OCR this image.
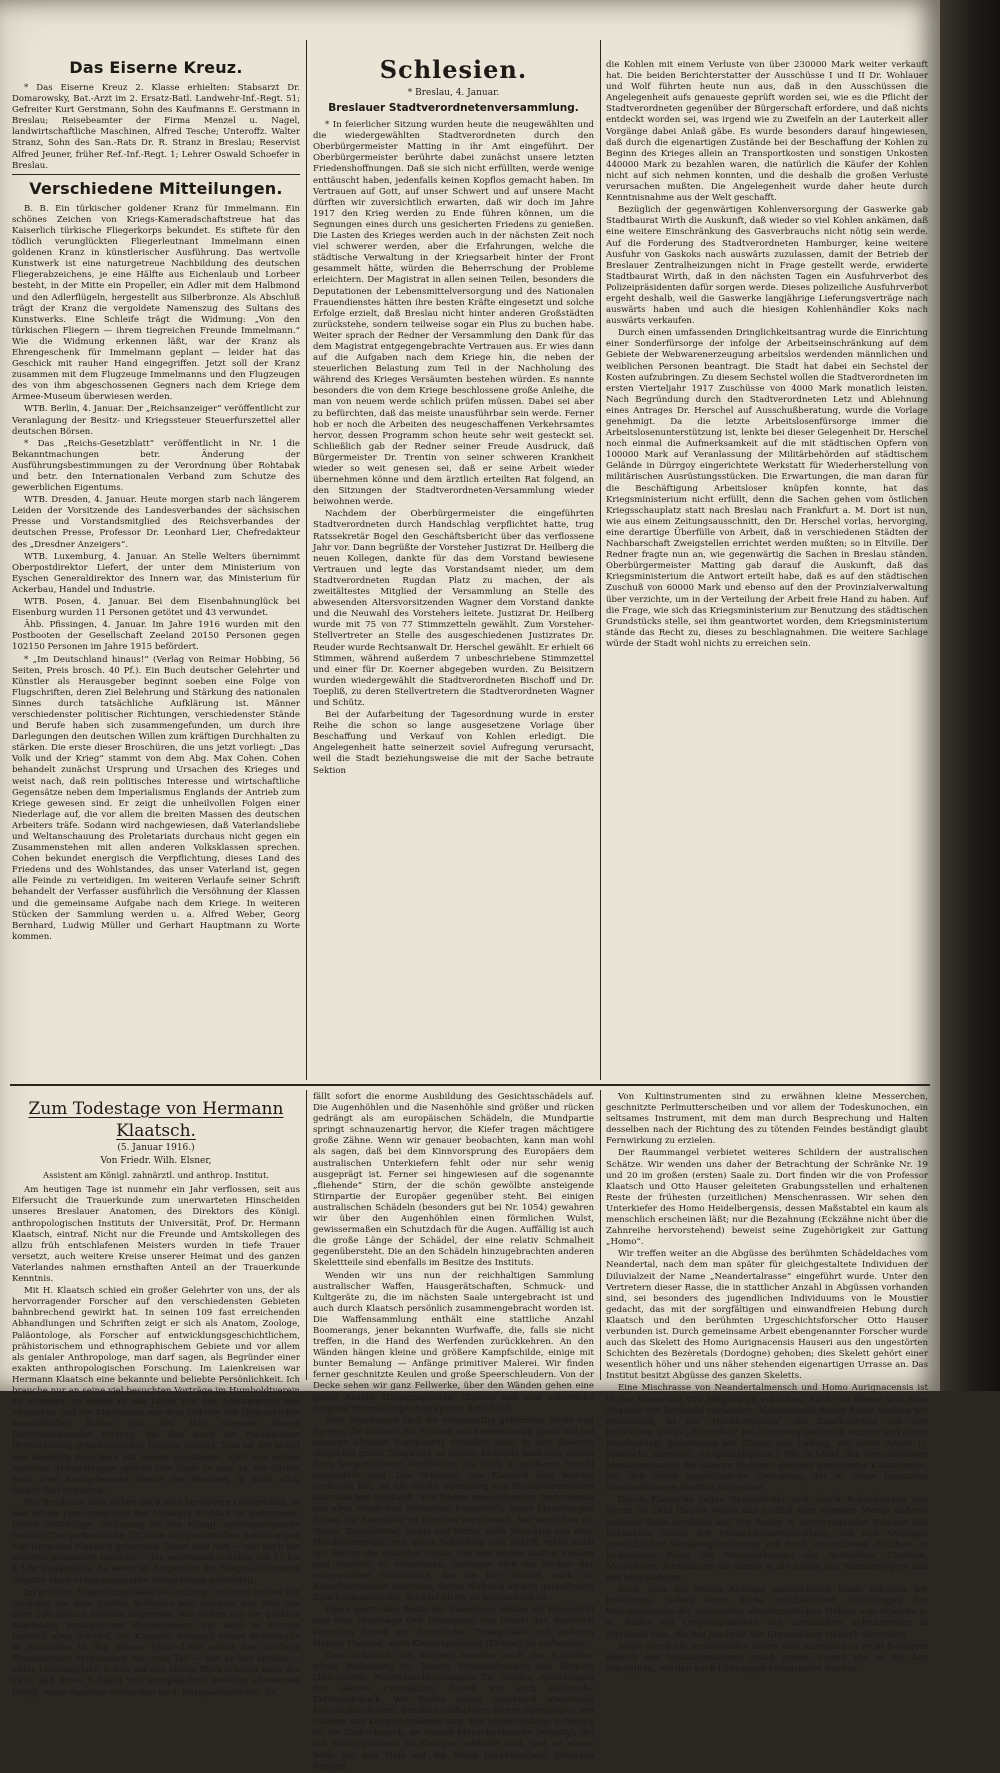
Das Eiserne Kreuz.

* Das Eiserne Kreuz 2. Klasse erhielten: Stabsarzt Dr. Domarowsky, Bat.-Arzt im 2. Ersatz-Batl. Landwehr-Inf.-Regt. 51; Gefreiter Kurt Gerstmann, Sohn des Kaufmanns E. Gerstmann in Breslau; Reisebeamter der Firma Menzel u. Nagel, landwirtschaftliche Maschinen, Alfred Tesche; Unteroffz. Walter Stranz, Sohn des San.-Rats Dr. R. Stranz in Breslau; Reservist Alfred Jeuner, früher Ref.-Inf.-Regt. 1; Lehrer Oswald Schoefer in Breslau.

Verschiedene Mitteilungen.

B. B. Ein türkischer goldener Kranz für Immelmann. Ein schönes Zeichen von Kriegs-Kameradschaftstreue hat das Kaiserlich türkische Fliegerkorps bekundet. Es stiftete für den tödlich verunglückten Fliegerleutnant Immelmann einen goldenen Kranz in künstlerischer Ausführung. Das wertvolle Kunstwerk ist eine naturgetreue Nachbildung des deutschen Fliegerabzeichens, je eine Hälfte aus Eichenlaub und Lorbeer besteht, in der Mitte ein Propeller, ein Adler mit dem Halbmond und den Adlerflügeln, hergestellt aus Silberbronze. Als Abschluß trägt der Kranz die vergoldete Namenszug des Sultans des Kunstwerks. Eine Schleife trägt die Widmung: „Von den türkischen Fliegern — ihrem tiegreichen Freunde Immelmann.“ Wie die Widmung erkennen läßt, war der Kranz als Ehrengeschenk für Immelmann geplant — leider hat das Geschick mit rauher Hand eingegriffen. Jetzt soll der Kranz zusammen mit dem Flugzeuge Immelmanns und den Flugzeugen des von ihm abgeschossenen Gegners nach dem Kriege dem Armee-Museum überwiesen werden.

WTB. Berlin, 4. Januar. Der „Reichsanzeiger“ veröffentlicht zur Veranlagung der Besitz- und Kriegssteuer Steuerfurszettel aller deutschen Börsen.

* Das „Reichs-Gesetzblatt“ veröffentlicht in Nr. 1 die Bekanntmachungen betr. Änderung der Ausführungsbestimmungen zu der Verordnung über Rohtabak und betr. den Internationalen Verband zum Schutze des gewerblichen Eigentums.

WTB. Dresden, 4. Januar. Heute morgen starb nach längerem Leiden der Vorsitzende des Landesverbandes der sächsischen Presse und Vorstandsmitglied des Reichsverbandes der deutschen Presse, Professor Dr. Leonhard Lier, Chefredakteur des „Dresdner Anzeigers“.

WTB. Luxemburg, 4. Januar. An Stelle Welters übernimmt Oberpostdirektor Liefert, der unter dem Ministerium von Eyschen Generaldirektor des Innern war, das Ministerium für Ackerbau, Handel und Industrie.

WTB. Posen, 4. Januar. Bei dem Eisenbahnunglück bei Eisenburg wurden 11 Personen getötet und 43 verwundet.

Ähb. Pfissingen, 4. Januar. Im Jahre 1916 wurden mit den Postbooten der Gesellschaft Zeeland 20150 Personen gegen 102150 Personen im Jahre 1915 befördert.

* „Im Deutschland hinaus!“ (Verlag von Reimar Hobbing, 56 Seiten, Preis brosch. 40 Pf.). Ein Buch deutscher Gelehrter und Künstler als Herausgeber beginnt soeben eine Folge von Flugschriften, deren Ziel Belehrung und Stärkung des nationalen Sinnes durch tatsächliche Aufklärung ist. Männer verschiedenster politischer Richtungen, verschiedenster Stände und Berufe haben sich zusammengefunden, um durch ihre Darlegungen den deutschen Willen zum kräftigen Durchhalten zu stärken. Die erste dieser Broschüren, die uns jetzt vorliegt: „Das Volk und der Krieg“ stammt von dem Abg. Max Cohen. Cohen behandelt zunächst Ursprung und Ursachen des Krieges und weist nach, daß rein politisches Interesse und wirtschaftliche Gegensätze neben dem Imperialismus Englands der Antrieb zum Kriege gewesen sind. Er zeigt die unheilvollen Folgen einer Niederlage auf, die vor allem die breiten Massen des deutschen Arbeiters träfe. Sodann wird nachgewiesen, daß Vaterlandsliebe und Weltanschauung des Proletariats durchaus nicht gegen ein Zusammenstehen mit allen anderen Volksklassen sprechen. Cohen bekundet energisch die Verpflichtung, dieses Land des Friedens und des Wohlstandes, das unser Vaterland ist, gegen alle Feinde zu verteidigen. Im weiteren Verlaufe seiner Schrift behandelt der Verfasser ausführlich die Versöhnung der Klassen und die gemeinsame Aufgabe nach dem Kriege. In weiteren Stücken der Sammlung werden u. a. Alfred Weber, Georg Bernhard, Ludwig Müller und Gerhart Hauptmann zu Worte kommen.

Schlesien.
* Breslau, 4. Januar.
Breslauer Stadtverordnetenversammlung.

* In feierlicher Sitzung wurden heute die neugewählten und die wiedergewählten Stadtverordneten durch den Oberbürgermeister Matting in ihr Amt eingeführt. Der Oberbürgermeister berührte dabei zunächst unsere letzten Friedenshoffnungen. Daß sie sich nicht erfüllten, werde wenige enttäuscht haben, jedenfalls keinen Kopflos gemacht haben. Im Vertrauen auf Gott, auf unser Schwert und auf unsere Macht dürften wir zuversichtlich erwarten, daß wir doch im Jahre 1917 den Krieg werden zu Ende führen können, um die Segnungen eines durch uns gesicherten Friedens zu genießen. Die Lasten des Krieges werden auch in der nächsten Zeit noch viel schwerer werden, aber die Erfahrungen, welche die städtische Verwaltung in der Kriegsarbeit hinter der Front gesammelt hätte, würden die Beherrschung der Probleme erleichtern. Der Magistrat in allen seinen Teilen, besonders die Deputationen der Lebensmittelversorgung und des Nationalen Frauendienstes hätten ihre besten Kräfte eingesetzt und solche Erfolge erzielt, daß Breslau nicht hinter anderen Großstädten zurückstehe, sondern teilweise sogar ein Plus zu buchen habe. Weiter sprach der Redner der Versammlung den Dank für das dem Magistrat entgegengebrachte Vertrauen aus. Er wies dann auf die Aufgaben nach dem Kriege hin, die neben der steuerlichen Belastung zum Teil in der Nachholung des während des Krieges Versäumten bestehen würden. Es nannte besonders die von dem Kriege beschlossene große Anleihe, die man von neuem werde schlich prüfen müssen. Dabei sei aber zu befürchten, daß das meiste unausführbar sein werde. Ferner hob er noch die Arbeiten des neugeschaffenen Verkehrsamtes hervor, dessen Programm schon heute sehr weit gesteckt sei. Schließlich gab der Redner seiner Freude Ausdruck, daß Bürgermeister Dr. Trentin von seiner schweren Krankheit wieder so weit genesen sei, daß er seine Arbeit wieder übernehmen könne und dem ärztlich erteilten Rat folgend, an den Sitzungen der Stadtverordneten-Versammlung wieder beiwohnen werde.

Nachdem der Oberbürgermeister die eingeführten Stadtverordneten durch Handschlag verpflichtet hatte, trug Ratssekretär Bogel den Geschäftsbericht über das verflossene Jahr vor. Dann begrüßte der Vorsteher Justizrat Dr. Heilberg die neuen Kollegen, dankte für das dem Vorstand bewiesene Vertrauen und legte das Vorstandsamt nieder, um dem Stadtverordneten Rugdan Platz zu machen, der als zweitältestes Mitglied der Versammlung an Stelle des abwesenden Altersvorsitzenden Wagner dem Vorstand dankte und die Neuwahl des Vorstehers leitete. Justizrat Dr. Heilberg wurde mit 75 von 77 Stimmzetteln gewählt. Zum Vorsteher-Stellvertreter an Stelle des ausgeschiedenen Justizrates Dr. Reuder wurde Rechtsanwalt Dr. Herschel gewählt. Er erhielt 66 Stimmen, während außerdem 7 unbeschriebene Stimmzettel und einer für Dr. Koerner abgegeben wurden. Zu Beisitzern wurden wiedergewählt die Stadtverordneten Bischoff und Dr. Toepliß, zu deren Stellvertretern die Stadtverordneten Wagner und Schütz.

Bei der Aufarbeitung der Tagesordnung wurde in erster Reihe die schon so lange ausgesetzene Vorlage über Beschaffung und Verkauf von Kohlen erledigt. Die Angelegenheit hatte seinerzeit soviel Aufregung verursacht, weil die Stadt beziehungsweise die mit der Sache betraute Sektion

die Kohlen mit einem Verluste von über 230000 Mark weiter verkauft hat. Die beiden Berichterstatter der Ausschüsse I und II Dr. Wohlauer und Wolf führten heute nun aus, daß in den Ausschüssen die Angelegenheit aufs genaueste geprüft worden sei, wie es die Pflicht der Stadtverordneten gegenüber der Bürgerschaft erfordere, und daß nichts entdeckt worden sei, was irgend wie zu Zweifeln an der Lauterkeit aller Vorgänge dabei Anlaß gäbe. Es wurde besonders darauf hingewiesen, daß durch die eigenartigen Zustände bei der Beschaffung der Kohlen zu Beginn des Krieges allein an Transportkosten und sonstigen Unkosten 440000 Mark zu bezahlen waren, die natürlich die Käufer der Kohlen nicht auf sich nehmen konnten, und die deshalb die großen Verluste verursachen mußten. Die Angelegenheit wurde daher heute durch Kenntnisnahme aus der Welt geschafft.

Bezüglich der gegenwärtigen Kohlenversorgung der Gaswerke gab Stadtbaurat Wirth die Auskunft, daß wieder so viel Kohlen ankämen, daß eine weitere Einschränkung des Gasverbrauchs nicht nötig sein werde. Auf die Forderung des Stadtverordneten Hamburger, keine weitere Ausfuhr von Gaskoks nach auswärts zuzulassen, damit der Betrieb der Breslauer Zentralheizungen nicht in Frage gestellt werde, erwiderte Stadtbaurat Wirth, daß in den nächsten Tagen ein Ausfuhrverbot des Polizeipräsidenten dafür sorgen werde. Dieses polizeiliche Ausfuhrverbot ergeht deshalb, weil die Gaswerke langjährige Lieferungsverträge nach auswärts haben und auch die hiesigen Kohlenhändler Koks nach auswärts verkaufen.

Durch einen umfassenden Dringlichkeitsantrag wurde die Einrichtung einer Sonderfürsorge der infolge der Arbeitseinschränkung auf dem Gebiete der Webwarenerzeugung arbeitslos werdenden männlichen und weiblichen Personen beantragt. Die Stadt hat dabei ein Sechstel der Kosten aufzubringen. Zu diesem Sechstel wollen die Stadtverordneten im ersten Vierteljahr 1917 Zuschüsse von 4000 Mark monatlich leisten. Nach Begründung durch den Stadtverordneten Letz und Ablehnung eines Antrages Dr. Herschel auf Ausschußberatung, wurde die Vorlage genehmigt. Da die letzte Arbeitslosenfürsorge immer die Arbeitslosenunterstützung ist, lenkte bei dieser Gelegenheit Dr. Herschel noch einmal die Aufmerksamkeit auf die mit städtischen Opfern von 100000 Mark auf Veranlassung der Militärbehörden auf städtischem Gelände in Dürrgoy eingerichtete Werkstatt für Wiederherstellung von militärischen Ausrüstungsstücken. Die Erwartungen, die man daran für die Beschäftigung Arbeitsloser knüpfen konnte, hat das Kriegsministerium nicht erfüllt, denn die Sachen gehen vom östlichen Kriegsschauplatz statt nach Breslau nach Frankfurt a. M. Dort ist nun, wie aus einem Zeitungsausschnitt, den Dr. Herschel vorlas, hervorging, eine derartige Überfülle von Arbeit, daß in verschiedenen Städten der Nachbarschaft Zweigstellen errichtet werden mußten; so in Eltville. Der Redner fragte nun an, wie gegenwärtig die Sachen in Breslau ständen. Oberbürgermeister Matting gab darauf die Auskunft, daß das Kriegsministerium die Antwort erteilt habe, daß es auf den städtischen Zuschuß von 60000 Mark und ebenso auf den der Provinzialverwaltung über verzichte, um in der Verteilung der Arbeit freie Hand zu haben. Auf die Frage, wie sich das Kriegsministerium zur Benutzung des städtischen Grundstücks stelle, sei ihm geantwortet worden, dem Kriegsministerium stände das Recht zu, dieses zu beschlagnahmen. Die weitere Sachlage würde der Stadt wohl nichts zu erreichen sein.

Zum Todestage von Hermann Klaatsch.
(5. Januar 1916.)
Von Friedr. Wilh. Elsner,
Assistent am Königl. zahnärztl. und anthrop. Institut.

Am heutigen Tage ist nunmehr ein Jahr verflossen, seit aus Eifersucht die Trauerkunde zum unerwarteten Hinscheiden unseres Breslauer Anatomen, des Direktors des Königl. anthropologischen Instituts der Universität, Prof. Dr. Hermann Klaatsch, eintraf. Nicht nur die Freunde und Amtskollegen des allzu früh entschlafenen Meisters wurden in tiefe Trauer versetzt, auch weitere Kreise unserer Heimat und des ganzen Vaterlandes nahmen ernsthaften Anteil an der Trauerkunde Kenntnis.

Mit H. Klaatsch schied ein großer Gelehrter von uns, der als hervorragender Forscher auf den verschiedensten Gebieten bahnbrechend gewirkt hat. In seinen 109 fast erreichenden Abhandlungen und Schriften zeigt er sich als Anatom, Zoologe, Paläontologe, als Forscher auf entwicklungsgeschichtlichem, prähistorischem und ethnographischem Gebiete und vor allem als genialer Anthropologe, man darf sagen, als Begründer einer exakten anthropologischen Forschung. Im Laienkreisen war Hermann Klaatsch eine bekannte und beliebte Persönlichkeit. Ich brauche nur an seine viel besuchten Vorträge im Humboldtverein zu erinnern, in denen er die Lehre von der Abstammung des Menschen und die Ergebnisse aus dem Gebiete der Urgeschichte menschlicher Kultur mit der ihm eigenen klaren Darstellungsweise vortrug, die ihm auch die rückhaltlose Bewunderung grundsätzlicher Gegner eintrug. Nun ist der Mund des beredten Forschers auf immer verstummt, aber aus seinen späteren Abhandlungen spricht sein Geist zu uns. Ja, wir dürfen noch zwei nachgelassene Werke des Meisters in nicht allzu langer Zeit erwarten.

Wir Breslauer aber haben noch eine besondere Gelegenheit, in das reiche Forschungsfeld des Meisters Einblick zu bekommen. Durch letztwillige Verfügung ist das Königl. anthropologische Institut (Tiergartenstraße 72) Erbe der prachtvollen Sammlungen von Hermann Klaatsch geworden. Diese sind nun — wie auch die anderen genannten Institute — für jedermann Sonntag von 11 bis 1 Uhr zugänglich. Es seien im Folgenden die hauptsächlichsten Objekte einer etwas genaueren Betrachtung gewürdigt.

Im größten Ausstellungssaale des anthrop. Instituts wollen wir zunächst vor dem großen Schranke halt machen, aus dem uns über 100 braune Schädel angrinsen. Wir stehen vor der größten Sammlung australischer Eingeborener, die wohl in Europa besteht; alles Schädel, die Klaatsch während seines Aufenthalts in Australien in den Jahren 1903—1906 selbst den Gräbern Eingeborener entnommen hat, zum Teil — wie er uns erzählt — unter Lebensgefahr. Schon auf den ersten Blick erkennt auch der Laie, daß diese Schädel von europäischen gewaltig abweichen (vergl. einen daneben stehenden mod. Europäerschädel). Es

fällt sofort die enorme Ausbildung des Gesichtsschädels auf. Die Augenhöhlen und die Nasenhöhle sind größer und rücken gedrängt als am europäischen Schädeln, die Mundpartie springt schnauzenartig hervor, die Kiefer tragen mächtigere große Zähne. Wenn wir genauer beobachten, kann man wohl als sagen, daß bei dem Kinnvorsprung des Europäers dem australischen Unterkiefern fehlt oder nur sehr wenig ausgeprägt ist. Ferner sei hingewiesen auf die sogenannte „fliehende“ Stirn, der die schön gewölbte ansteigende Stirnpartie der Europäer gegenüber steht. Bei einigen australischen Schädeln (besonders gut bei Nr. 1054) gewahren wir über den Augenhöhlen einen förmlichen Wulst, gewissermaßen ein Schutzdach für die Augen. Auffällig ist auch die große Länge der Schädel, der eine relativ Schmalheit gegenübersteht. Die an den Schädeln hinzugebrachten anderen Skelettteile sind ebenfalls im Besitze des Instituts.

Wenden wir uns nun der reichhaltigen Sammlung australischer Waffen, Hausgerätschaften, Schmuck- und Kultgeräte zu, die im nächsten Saale untergebracht ist und auch durch Klaatsch persönlich zusammengebracht worden ist. Die Waffensammlung enthält eine stattliche Anzahl Boomerangs, jener bekannten Wurfwaffe, die, falls sie nicht treffen, in die Hand des Werfenden zurückkehren. An den Wänden hängen kleine und größere Kampfschilde, einige mit bunter Bemalung — Anfänge primitiver Malerei. Wir finden ferner geschnitzte Keulen und große Speerschleudern. Von der Decke sehen wir ganz Fellwerke, über den Wänden gehen eine große Anzahl Ethnographische Objekte und eine zahlreiche Original-Bromsilberphotographien Aufschluß.

Sehr interessant sind die vielgestaltig geformten Pfeile und Speere, die zumeist mit Spitzen aus Steinmaterial (ganz wie bei unseren ältesten Europäern) versehen sind. In den Speeren möglichst große Tragweite zu geben, bediente man sich eigens dazu hergerichteter Wurfhölzer, die auch in größerer Anzahl ausgestellt sind. Das Schönste, das Klaatsch dem Institut vermacht hat, ist die reiche Sammlung von Steininstrumenten australischer Herkunft. Wir finden messerförmige Instrumente aus allen möglichen Steinarten hergestellt; sogar Flaschenglas haben die Australier zu Geräten verarbeitet. Sie verstehen es, Quarz, Kieselsteine, Jaspis und ferner auch Steinäxte von über Handtellergröße, mit guter Schärfung und Schliff, meist auch mit Politur der schärfen Partie. Um den Boden kräftig Knollen und Wurzeln zu entnehmen, bedienen sich die Weiber der ausgestellten Grabstöcke, die sie nur allzuoft auch als Kampfwerkzeuge benutzen, deren Wirkung an den gespaltenen Knochenmarken der Schädel öfters zu beobachten ist.

Einen wertvollen Besitz der Sammlung stellen ein Feuerquirl und eine Feuersäge (zur Erzeugung von Feuer) dar. Reichlich vertreten finden wir Bootstöcke, Trinkgefäße und anderen kleinen Hausrat, auch Kinderspielzeug (Kreisel) ist vorhanden.

Dem Schmuck des Körpers wenden auch die Australier große Bedeutung zu. Neben Verunstaltungen des Körpers (Tätowieren, Nasendurchbohrungen für Stöcke, Ausschlagen der oberen Frontzähne) finden wir auch zahlreiche Kettenschmuck. Wir finden einige prachtvoll irisierende Muschelhalsketten, daneben einfachere; ferner Stirnbinden, ein Diadem aus Känguruhzähnen usw. Der eigentümliche Schmuck ist ein Taukschmuck, an dessen Menschenhaaren befestigt, die mit Eukalyptusharz zu Klumpen verklebt sind, und an einem Seile um den Hals auf die Brust herabhängend getragen werden.

Von Kultinstrumenten sind zu erwähnen kleine Messerchen, geschnitzte Perlmutterscheiben und vor allem der Todeskunochen, ein seltsames Instrument, mit dem man durch Besprechung und Halten desselben nach der Richtung des zu tötenden Feindes beständigt glaubt Fernwirkung zu erzielen.

Der Raummangel verbietet weiteres Schildern der australischen Schätze. Wir wenden uns daher der Betrachtung der Schränke Nr. 19 und 20 im großen (ersten) Saale zu. Dort finden wir die von Professor Klaatsch und Otto Hauser geleiteten Grabungsstellen und erhaltenen Reste der frühesten (urzeitlichen) Menschenrassen. Wir sehen den Unterkiefer des Homo Heidelbergensis, dessen Maßstabtel ein kaum als menschlich erscheinen läßt; nur die Bezahnung (Eckzähne nicht über die Zahnreihe hervorstehend) beweist seine Zugehörigkeit zur Gattung „Homo“.

Wir treffen weiter an die Abgüsse des berühmten Schädeldaches vom Neandertal, nach dem man später für gleichgestaltete Individuen der Diluvialzeit der Name „Neandertalrasse“ eingeführt wurde. Unter den Vertretern dieser Rasse, die in stattlicher Anzahl in Abgüssen vorhanden sind, sei besonders des jugendlichen Individuums von le Moustier gedacht, das mit der sorgfältigen und einwandfreien Hebung durch Klaatsch und den berühmten Urgeschichtsforscher Otto Hauser verbunden ist. Durch gemeinsame Arbeit ebengenannter Forscher wurde auch das Skelett des Homo Aurignacensis Hauseri aus den ungestörten Schichten des Bezèretals (Dordogne) gehoben; dies Skelett gehört einer wesentlich höher und uns näher stehenden eigenartigen Urrasse an. Das Institut besitzt Abgüsse des ganzen Skeletts.

Eine Mischrasse von Neandertalmensch und Homo Aurignacensis ist in der Rasse von Cro Magnon zu erblicken. Auch von dieser sind zwei Abgüsse von Schädeln vorhanden. Nahestehend dieser Rasse mußten wir erscheinen, ist die „Nürnbergensia“, die Knochenreste von vier Individuen, die in „Höhlerfels“ bei Nürnberg gefunden wurden und deren Bearbeitung, gemeinsam mit Elsner und Ludwig, die letzte Arbeit H. Klaatschs darstellt. (Originalabgüsse.) Die Schädel der verschiedenen Menschenrassen der älteren Steinzeit gehören bestimmter Kulturkreise, die sich durch eigentümliche Gestaltung der in ihnen benutzten Steinwerkzeuge deutlich abgrenzen.

Durch Klaatschs regen Sammeleifer und durch Schenkungen von Herrn Dr. Otto Hauser wurde das Institut eine erlesene Menge äußerst seltener Stein-Artefakte auf. Wir finden in hervorragenden Stücken alle bekannten Stufen der Menschheitsentwicklung, von den Anfängen menschlicher Werkzeugbenutzung von noch umstrittenen Eolithen, in lückenloser Folge die Steinwerkzeuge der Acheuléen, Chelléen, Moustérien, Aurignacien bis hinein in die Zeiten des Renntierjägers und des Magdalénien.

Auch über die ersten Anfänge menschlicher Kunst erhalten wir Belehrung. Neben einer Reihe anschaulicher Abbildungen der Wandmalereien der spanischen altsteinzeitlichen Höhlen von Altamira u. a., finden wir Originalplastiken von urzeitlichen Schnitzereien in Elfenbein usw., die das Jagdwild der Urmenschen vielfach darstellen.

Möge durch die vorstehenden Zeilen eine Anregung zu recht fleißigem Besuch des Institutsmuseums Anlaß geben. Soweit wie es die Zeit ermöglicht, werden auch Führungen veranstaltet werden.
